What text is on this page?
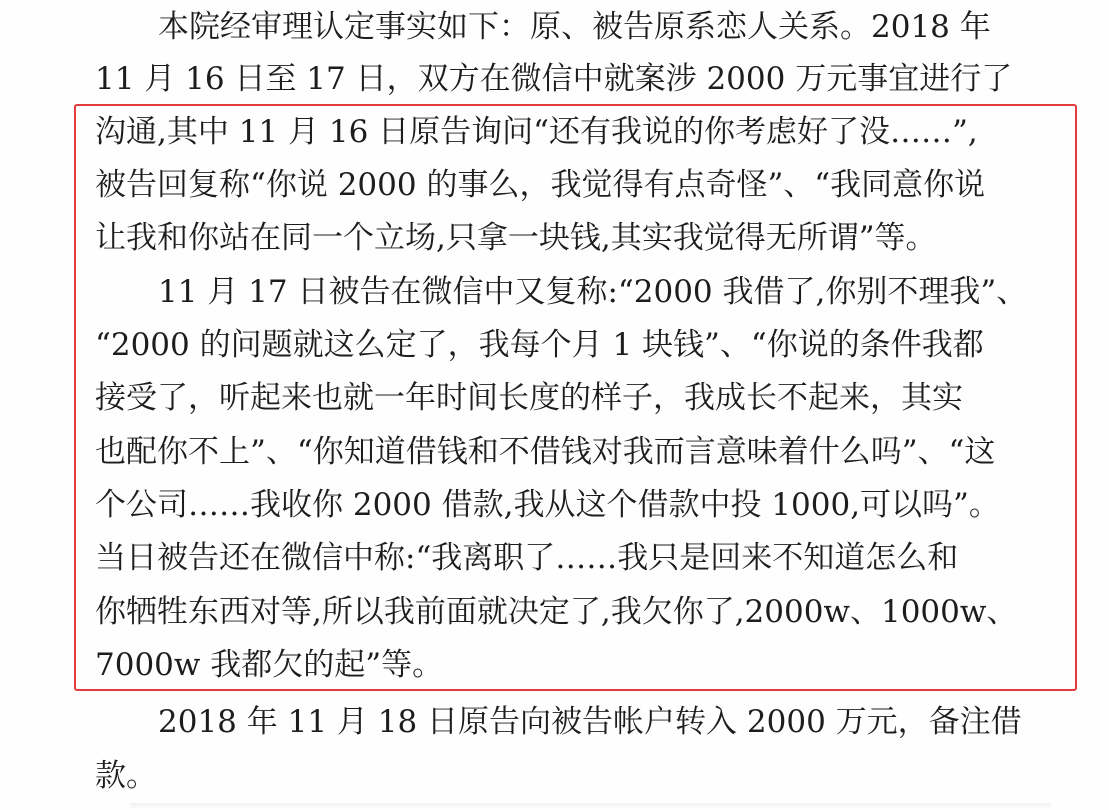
本院经审理认定事实如下：原、被告原系恋人关系。2018 年
11 月 16 日至 17 日，双方在微信中就案涉 2000 万元事宜进行了
沟通,其中 11 月 16 日原告询问“还有我说的你考虑好了没……”,
被告回复称“你说 2000 的事么，我觉得有点奇怪”、“我同意你说
让我和你站在同一个立场,只拿一块钱,其实我觉得无所谓”等。
11 月 17 日被告在微信中又复称:“2000 我借了,你别不理我”、
“2000 的问题就这么定了，我每个月 1 块钱”、“你说的条件我都
接受了，听起来也就一年时间长度的样子，我成长不起来，其实
也配你不上”、“你知道借钱和不借钱对我而言意味着什么吗”、“这
个公司……我收你 2000 借款,我从这个借款中投 1000,可以吗”。
当日被告还在微信中称:“我离职了……我只是回来不知道怎么和
你牺牲东西对等,所以我前面就决定了,我欠你了,2000w、1000w、
7000w 我都欠的起”等。
2018 年 11 月 18 日原告向被告帐户转入 2000 万元，备注借
款。
